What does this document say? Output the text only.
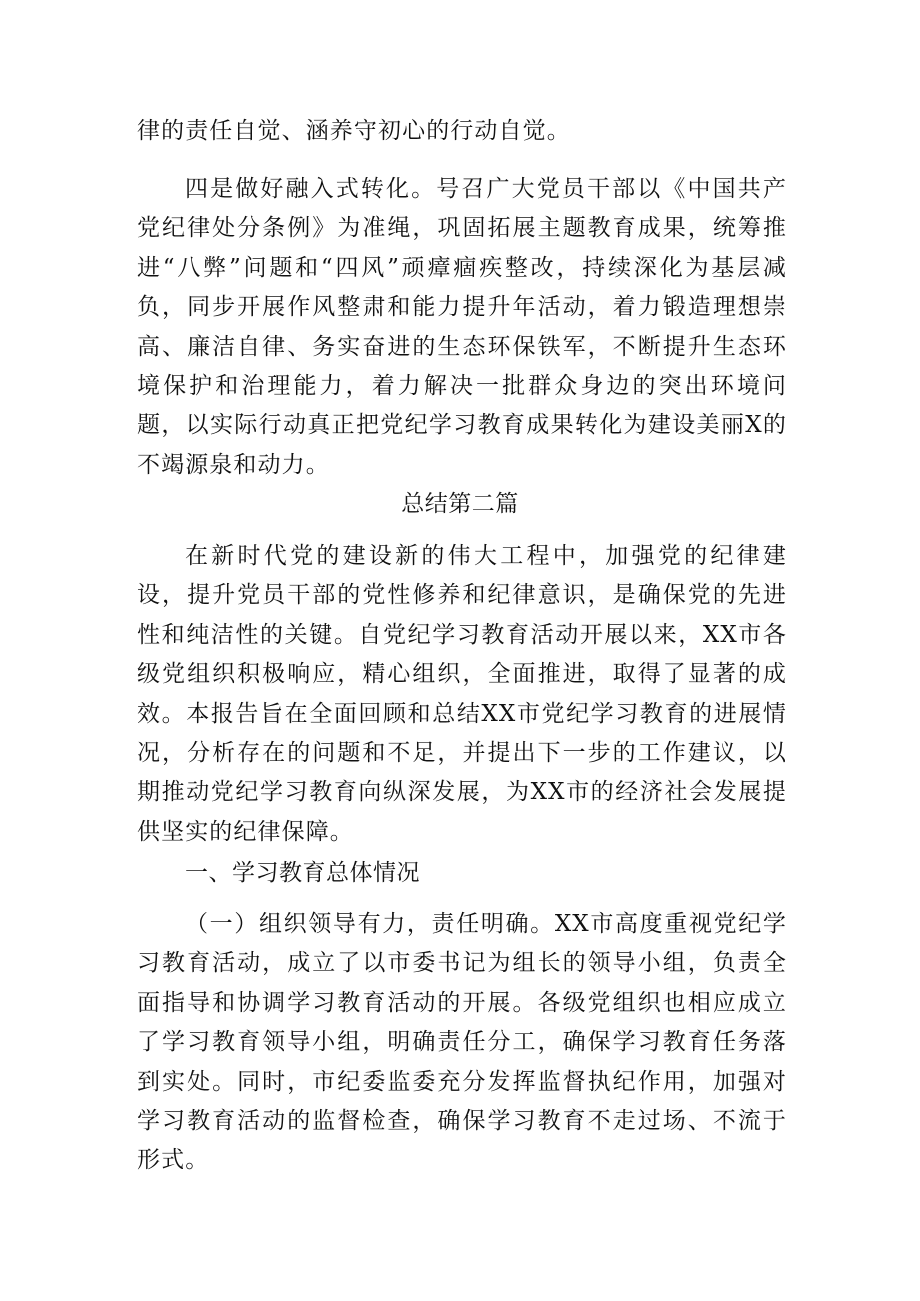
律的责任自觉、涵养守初心的行动自觉。

四是做好融入式转化。号召广大党员干部以《中国共产党纪律处分条例》为准绳，巩固拓展主题教育成果，统筹推进“八弊”问题和“四风”顽瘴痼疾整改，持续深化为基层减负，同步开展作风整肃和能力提升年活动，着力锻造理想崇高、廉洁自律、务实奋进的生态环保铁军，不断提升生态环境保护和治理能力，着力解决一批群众身边的突出环境问题，以实际行动真正把党纪学习教育成果转化为建设美丽X的不竭源泉和动力。

总结第二篇

在新时代党的建设新的伟大工程中，加强党的纪律建设，提升党员干部的党性修养和纪律意识，是确保党的先进性和纯洁性的关键。自党纪学习教育活动开展以来，XX市各级党组织积极响应，精心组织，全面推进，取得了显著的成效。本报告旨在全面回顾和总结XX市党纪学习教育的进展情况，分析存在的问题和不足，并提出下一步的工作建议，以期推动党纪学习教育向纵深发展，为XX市的经济社会发展提供坚实的纪律保障。

一、学习教育总体情况

（一）组织领导有力，责任明确。XX市高度重视党纪学习教育活动，成立了以市委书记为组长的领导小组，负责全面指导和协调学习教育活动的开展。各级党组织也相应成立了学习教育领导小组，明确责任分工，确保学习教育任务落到实处。同时，市纪委监委充分发挥监督执纪作用，加强对学习教育活动的监督检查，确保学习教育不走过场、不流于形式。
